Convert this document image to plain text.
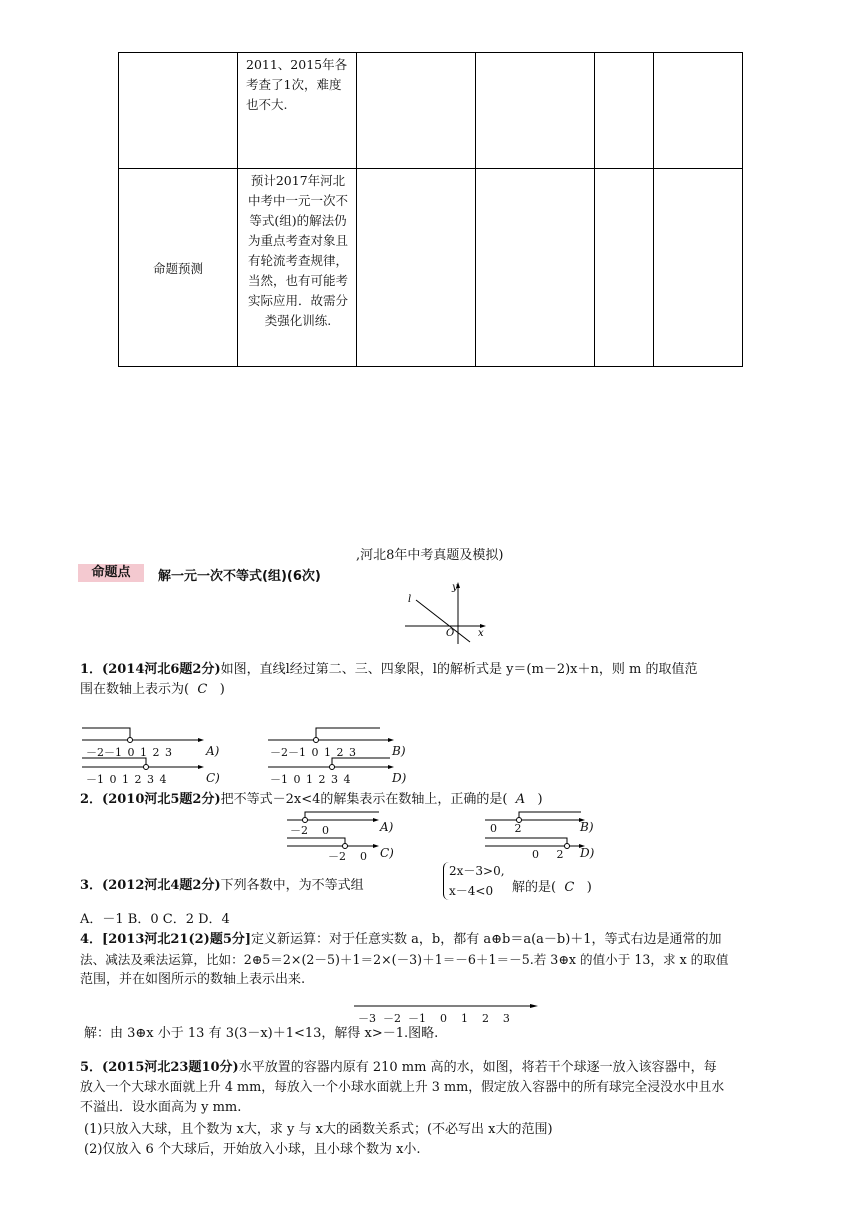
	2011、2015年各考查了1次，难度也不大.				

命题预测	预计2017年河北中考中一元一次不等式(组)的解法仍为重点考查对象且有轮流考查规律，当然，也有可能考实际应用．故需分类强化训练.				

,河北8年中考真题及模拟)
命题点	解一元一次不等式(组)(6次)
y
x
l
O
1．(2014河北6题2分)如图，直线l经过第二、三、四象限，l的解析式是 y＝(m－2)x＋n，则 m 的取值范
围在数轴上表示为( C )
－2－1 0 1 2 3	A)	－2－1 0 1 2 3	B)
－1 0 1 2 3 4	C)	－1 0 1 2 3 4	D)
2．(2010河北5题2分)把不等式－2x<4的解集表示在数轴上，正确的是( A )
－2    0	A)	0     2	B)
－2    0 C)	0     2 D)
3．(2012河北4题2分)下列各数中，为不等式组
2x－3>0,
x－4<0 解的是( C )
A．－1 B．0 C．2 D．4
4．[2013河北21(2)题5分]定义新运算：对于任意实数 a，b，都有 a⊕b＝a(a－b)＋1，等式右边是通常的加
法、减法及乘法运算，比如：2⊕5＝2×(2－5)＋1＝2×(－3)＋1＝－6＋1＝－5.若 3⊕x 的值小于 13，求 x 的取值
范围，并在如图所示的数轴上表示出来.
－3  －2  －1    0    1    2    3
解：由 3⊕x 小于 13 有 3(3－x)＋1<13，解得 x>－1.图略.
5．(2015河北23题10分)水平放置的容器内原有 210 mm 高的水，如图，将若干个球逐一放入该容器中，每
放入一个大球水面就上升 4 mm，每放入一个小球水面就上升 3 mm，假定放入容器中的所有球完全浸没水中且水
不溢出．设水面高为 y mm.
(1)只放入大球，且个数为 x大，求 y 与 x大的函数关系式；(不必写出 x大的范围)
(2)仅放入 6 个大球后，开始放入小球，且小球个数为 x小.
